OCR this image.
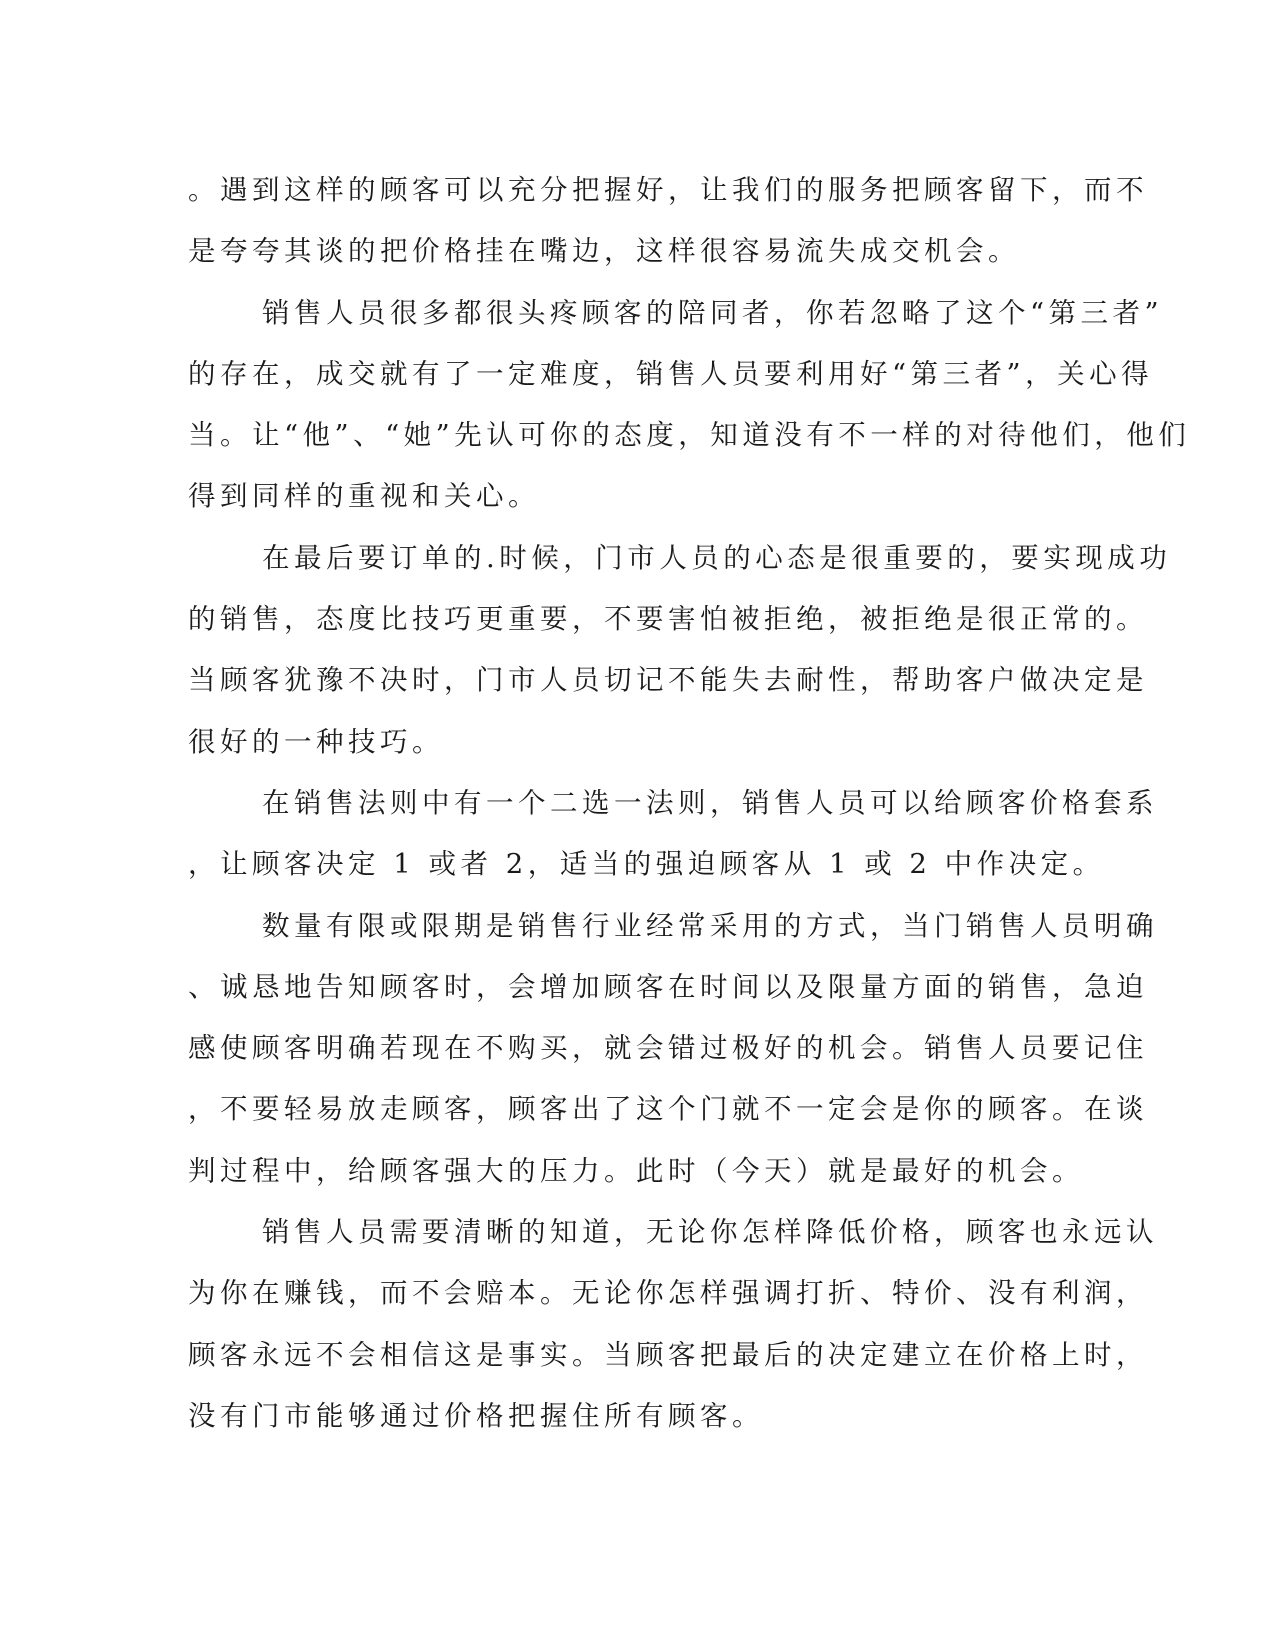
。遇到这样的顾客可以充分把握好，让我们的服务把顾客留下，而不
是夸夸其谈的把价格挂在嘴边，这样很容易流失成交机会。
销售人员很多都很头疼顾客的陪同者，你若忽略了这个“第三者”
的存在，成交就有了一定难度，销售人员要利用好“第三者”，关心得
当。让“他”、“她”先认可你的态度，知道没有不一样的对待他们，他们
得到同样的重视和关心。
在最后要订单的.时候，门市人员的心态是很重要的，要实现成功
的销售，态度比技巧更重要，不要害怕被拒绝，被拒绝是很正常的。
当顾客犹豫不决时，门市人员切记不能失去耐性，帮助客户做决定是
很好的一种技巧。
在销售法则中有一个二选一法则，销售人员可以给顾客价格套系
，让顾客决定 1 或者 2，适当的强迫顾客从 1 或 2 中作决定。
数量有限或限期是销售行业经常采用的方式，当门销售人员明确
、诚恳地告知顾客时，会增加顾客在时间以及限量方面的销售，急迫
感使顾客明确若现在不购买，就会错过极好的机会。销售人员要记住
，不要轻易放走顾客，顾客出了这个门就不一定会是你的顾客。在谈
判过程中，给顾客强大的压力。此时（今天）就是最好的机会。
销售人员需要清晰的知道，无论你怎样降低价格，顾客也永远认
为你在赚钱，而不会赔本。无论你怎样强调打折、特价、没有利润，
顾客永远不会相信这是事实。当顾客把最后的决定建立在价格上时，
没有门市能够通过价格把握住所有顾客。
